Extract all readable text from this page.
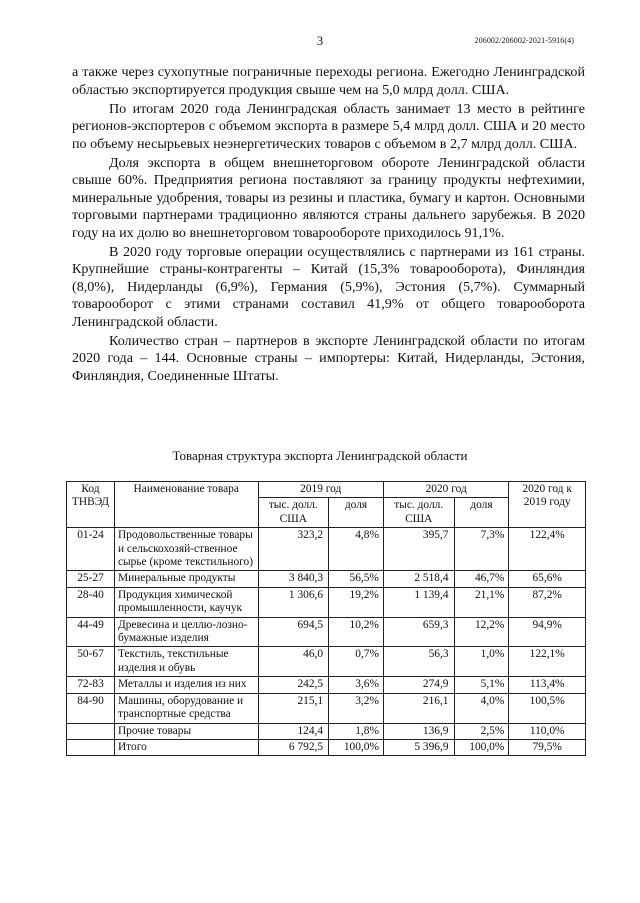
3	206002/206002-2021-5916(4)

а также через сухопутные пограничные переходы региона. Ежегодно Ленинградской областью экспортируется продукция свыше чем на 5,0 млрд долл. США.

По итогам 2020 года Ленинградская область занимает 13 место в рейтинге регионов-экспортеров с объемом экспорта в размере 5,4 млрд долл. США и 20 место по объему несырьевых неэнергетических товаров с объемом в 2,7 млрд долл. США.

Доля экспорта в общем внешнеторговом обороте Ленинградской области свыше 60%. Предприятия региона поставляют за границу продукты нефтехимии, минеральные удобрения, товары из резины и пластика, бумагу и картон. Основными торговыми партнерами традиционно являются страны дальнего зарубежья. В 2020 году на их долю во внешнеторговом товарообороте приходилось 91,1%.

В 2020 году торговые операции осуществлялись с партнерами из 161 страны. Крупнейшие страны-контрагенты – Китай (15,3% товарооборота), Финляндия (8,0%), Нидерланды (6,9%), Германия (5,9%), Эстония (5,7%). Суммарный товарооборот с этими странами составил 41,9% от общего товарооборота Ленинградской области.

Количество стран – партнеров в экспорте Ленинградской области по итогам 2020 года – 144. Основные страны – импортеры: Китай, Нидерланды, Эстония, Финляндия, Соединенные Штаты.

Товарная структура экспорта Ленинградской области
Код ТНВЭД	Наименование товара	2019 год		2020 год		2020 год к 2019 году
		тыс. долл. США	доля	тыс. долл. США	доля	
01-24	Продовольственные товары и сельскохозяй-ственное сырье (кроме текстильного)	323,2	4,8%	395,7	7,3%	122,4%
25-27	Минеральные продукты	3 840,3	56,5%	2 518,4	46,7%	65,6%
28-40	Продукция химической промышленности, каучук	1 306,6	19,2%	1 139,4	21,1%	87,2%
44-49	Древесина и целлю-лозно-бумажные изделия	694,5	10,2%	659,3	12,2%	94,9%
50-67	Текстиль, текстильные изделия и обувь	46,0	0,7%	56,3	1,0%	122,1%
72-83	Металлы и изделия из них	242,5	3,6%	274,9	5,1%	113,4%
84-90	Машины, оборудование и транспортные средства	215,1	3,2%	216,1	4,0%	100,5%
	Прочие товары	124,4	1,8%	136,9	2,5%	110,0%
	Итого	6 792,5	100,0%	5 396,9	100,0%	79,5%
